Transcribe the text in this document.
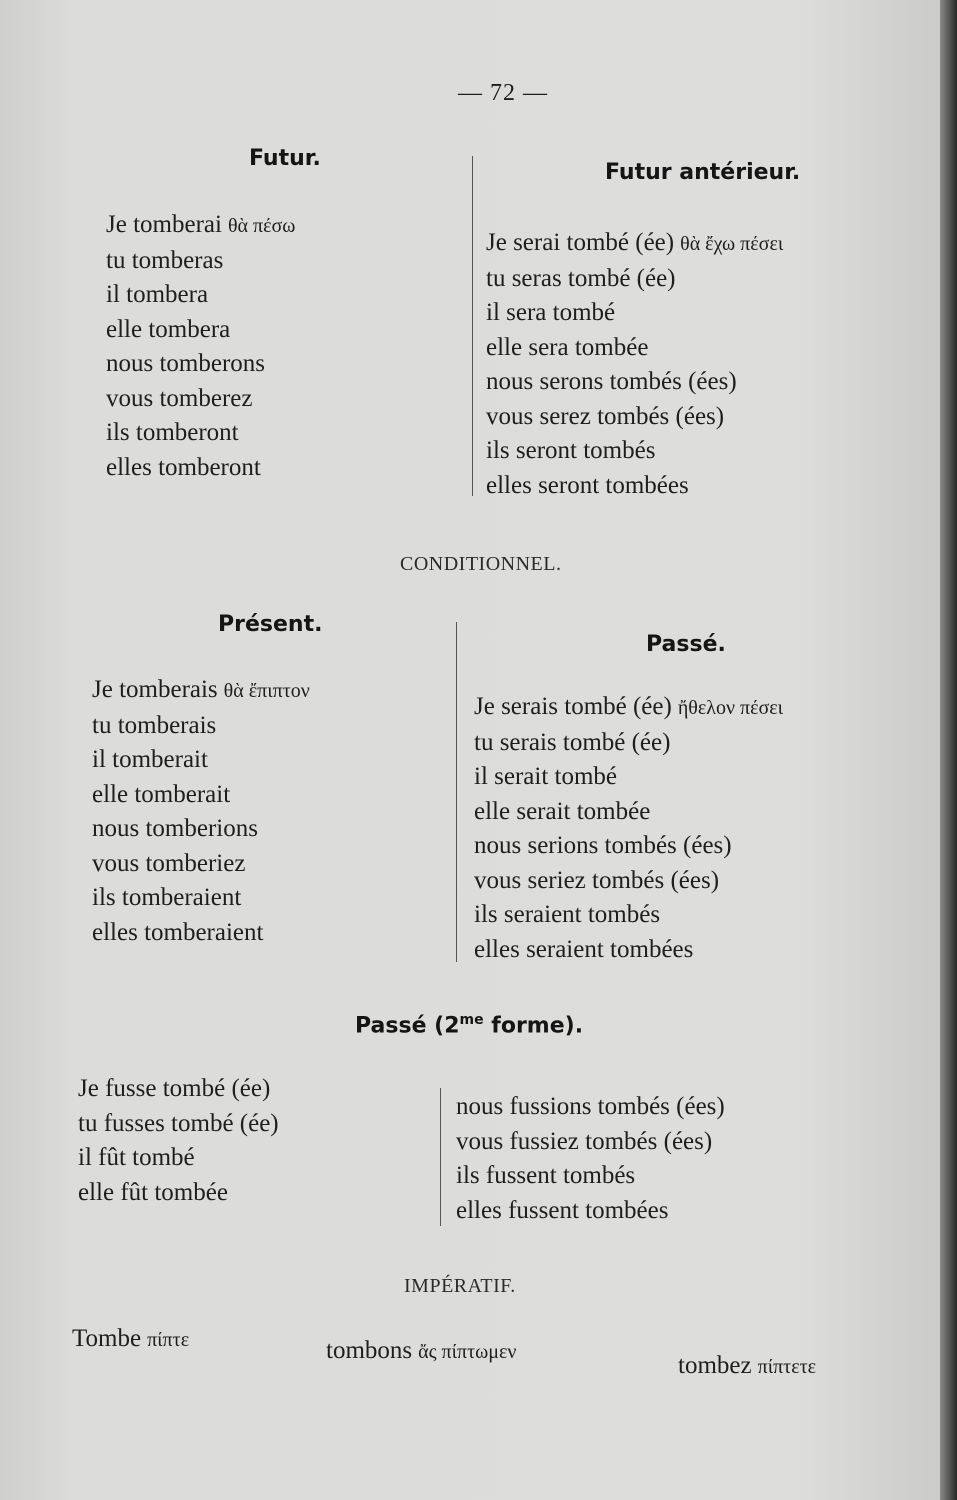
— 72 —
Futur.
Je tomberai θὰ πέσω
tu tomberas
il tombera
elle tombera
nous tomberons
vous tomberez
ils tomberont
elles tomberont
Futur antérieur.
Je serai tombé (ée) θὰ ἔχω πέσει
tu seras tombé (ée)
il sera tombé
elle sera tombée
nous serons tombés (ées)
vous serez tombés (ées)
ils seront tombés
elles seront tombées
CONDITIONNEL.
Présent.
Je tomberais θὰ ἔπιπτον
tu tomberais
il tomberait
elle tomberait
nous tomberions
vous tomberiez
ils tomberaient
elles tomberaient
Passé.
Je serais tombé (ée) ἤθελον πέσει
tu serais tombé (ée)
il serait tombé
elle serait tombée
nous serions tombés (ées)
vous seriez tombés (ées)
ils seraient tombés
elles seraient tombées
Passé ($2^{me}$ forme).
Je fusse tombé (ée)
tu fusses tombé (ée)
il fût tombé
elle fût tombée
nous fussions tombés (ées)
vous fussiez tombés (ées)
ils fussent tombés
elles fussent tombées
IMPÉRATIF.
Tombe πίπτε	tombons ἄς πίπτωμεν	tombez πίπτετε
